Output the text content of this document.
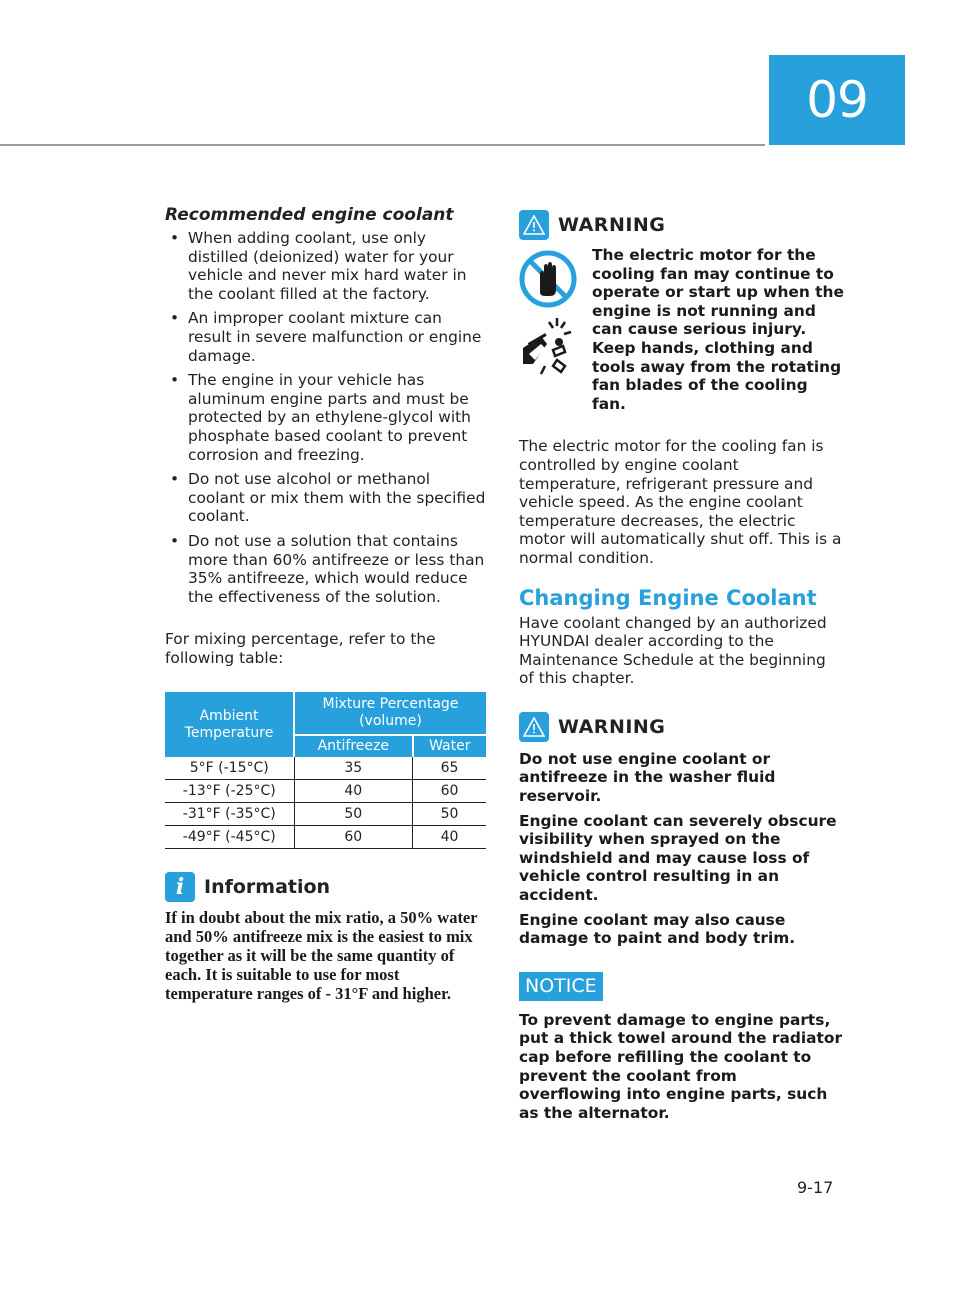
09
Recommended engine coolant
• When adding coolant, use only distilled (deionized) water for your vehicle and never mix hard water in the coolant filled at the factory.
• An improper coolant mixture can result in severe malfunction or engine damage.
• The engine in your vehicle has aluminum engine parts and must be protected by an ethylene-glycol with phosphate based coolant to prevent corrosion and freezing.
• Do not use alcohol or methanol coolant or mix them with the specified coolant.
• Do not use a solution that contains more than 60% antifreeze or less than 35% antifreeze, which would reduce the effectiveness of the solution.

For mixing percentage, refer to the following table:

Ambient Temperature	Mixture Percentage (volume)	
	Antifreeze	Water
5°F (-15°C)	35	65
-13°F (-25°C)	40	60
-31°F (-35°C)	50	50
-49°F (-45°C)	60	40
i	Information

If in doubt about the mix ratio, a 50% water and 50% antifreeze mix is the easiest to mix together as it will be the same quantity of each. It is suitable to use for most temperature ranges of - 31°F and higher.

WARNING

The electric motor for the cooling fan may continue to operate or start up when the engine is not running and can cause serious injury. Keep hands, clothing and tools away from the rotating fan blades of the cooling fan.

The electric motor for the cooling fan is controlled by engine coolant temperature, refrigerant pressure and vehicle speed. As the engine coolant temperature decreases, the electric motor will automatically shut off. This is a normal condition.

Changing Engine Coolant

Have coolant changed by an authorized HYUNDAI dealer according to the Maintenance Schedule at the beginning of this chapter.

WARNING

Do not use engine coolant or antifreeze in the washer fluid reservoir.

Engine coolant can severely obscure visibility when sprayed on the windshield and may cause loss of vehicle control resulting in an accident.

Engine coolant may also cause damage to paint and body trim.

NOTICE

To prevent damage to engine parts, put a thick towel around the radiator cap before refilling the coolant to prevent the coolant from overflowing into engine parts, such as the alternator.

9-17
